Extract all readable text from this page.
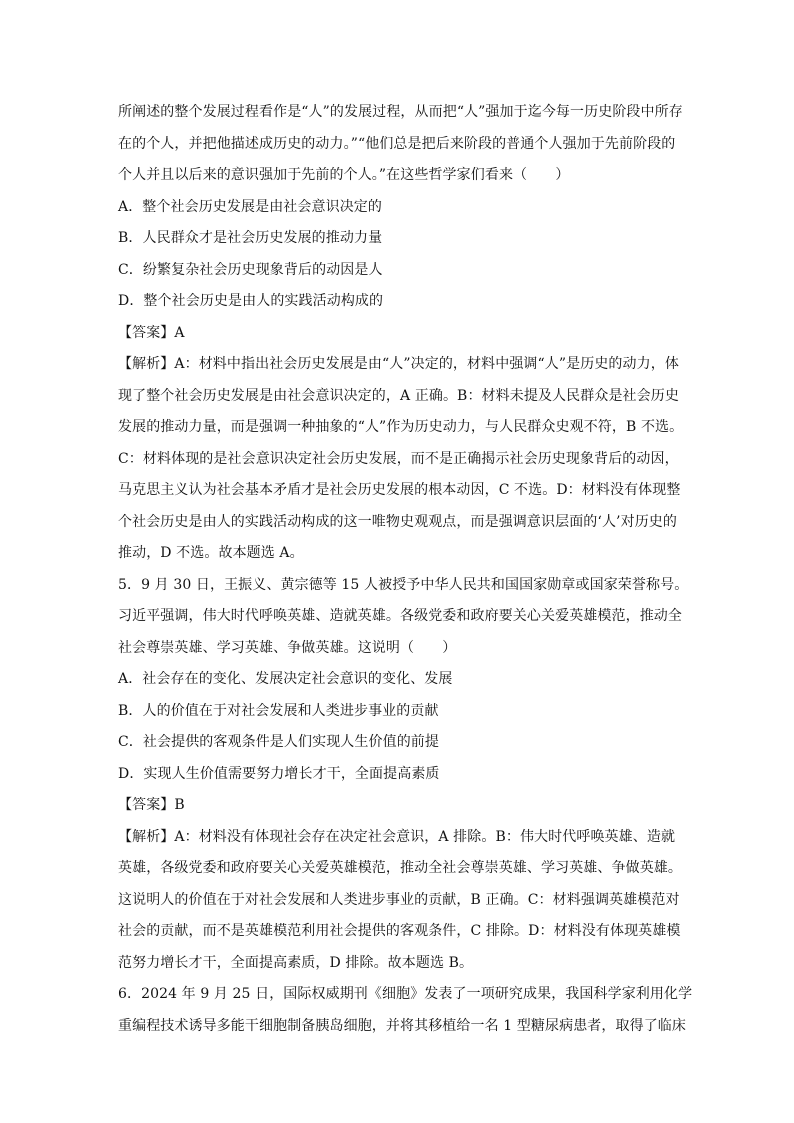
所阐述的整个发展过程看作是“人”的发展过程，从而把“人”强加于迄今每一历史阶段中所存
在的个人，并把他描述成历史的动力。”“他们总是把后来阶段的普通个人强加于先前阶段的
个人并且以后来的意识强加于先前的个人。”在这些哲学家们看来（　　）
A．整个社会历史发展是由社会意识决定的
B．人民群众才是社会历史发展的推动力量
C．纷繁复杂社会历史现象背后的动因是人
D．整个社会历史是由人的实践活动构成的
【答案】A
【解析】A：材料中指出社会历史发展是由“人”决定的，材料中强调“人”是历史的动力，体
现了整个社会历史发展是由社会意识决定的，A 正确。B：材料未提及人民群众是社会历史
发展的推动力量，而是强调一种抽象的“人”作为历史动力，与人民群众史观不符，B 不选。
C：材料体现的是社会意识决定社会历史发展，而不是正确揭示社会历史现象背后的动因，
马克思主义认为社会基本矛盾才是社会历史发展的根本动因，C 不选。D：材料没有体现整
个社会历史是由人的实践活动构成的这一唯物史观观点，而是强调意识层面的‘人’对历史的
推动，D 不选。故本题选 A。
5．9 月 30 日，王振义、黄宗德等 15 人被授予中华人民共和国国家勋章或国家荣誉称号。
习近平强调，伟大时代呼唤英雄、造就英雄。各级党委和政府要关心关爱英雄模范，推动全
社会尊崇英雄、学习英雄、争做英雄。这说明（　　）
A．社会存在的变化、发展决定社会意识的变化、发展
B．人的价值在于对社会发展和人类进步事业的贡献
C．社会提供的客观条件是人们实现人生价值的前提
D．实现人生价值需要努力增长才干，全面提高素质
【答案】B
【解析】A：材料没有体现社会存在决定社会意识，A 排除。B：伟大时代呼唤英雄、造就
英雄，各级党委和政府要关心关爱英雄模范，推动全社会尊崇英雄、学习英雄、争做英雄。
这说明人的价值在于对社会发展和人类进步事业的贡献，B 正确。C：材料强调英雄模范对
社会的贡献，而不是英雄模范利用社会提供的客观条件，C 排除。D：材料没有体现英雄模
范努力增长才干，全面提高素质，D 排除。故本题选 B。
6．2024 年 9 月 25 日，国际权威期刊《细胞》发表了一项研究成果，我国科学家利用化学
重编程技术诱导多能干细胞制备胰岛细胞，并将其移植给一名 1 型糖尿病患者，取得了临床
